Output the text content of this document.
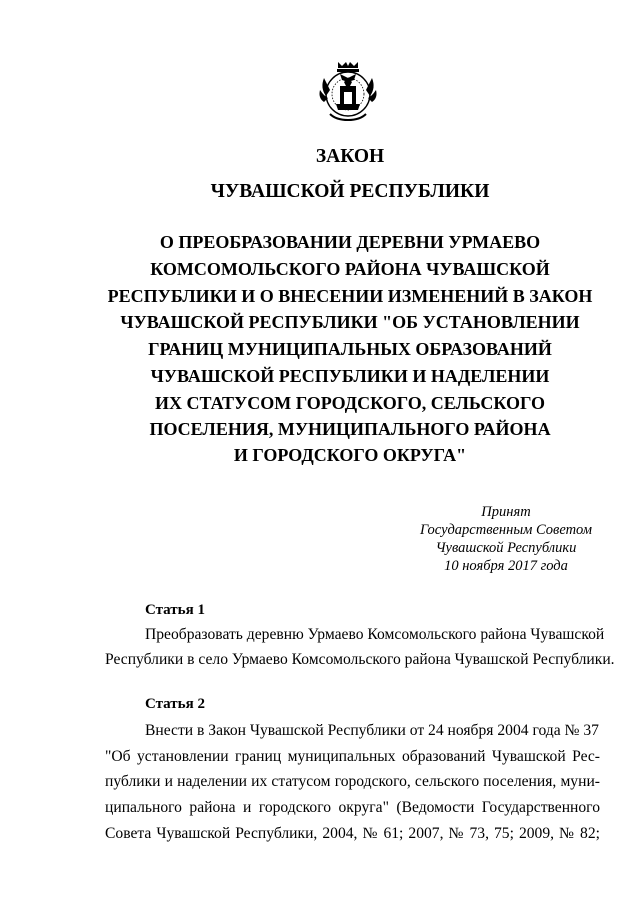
ЗАКОН
ЧУВАШСКОЙ РЕСПУБЛИКИ
О ПРЕОБРАЗОВАНИИ ДЕРЕВНИ УРМАЕВО
КОМСОМОЛЬСКОГО РАЙОНА ЧУВАШСКОЙ
РЕСПУБЛИКИ И О ВНЕСЕНИИ ИЗМЕНЕНИЙ В ЗАКОН
ЧУВАШСКОЙ РЕСПУБЛИКИ "ОБ УСТАНОВЛЕНИИ
ГРАНИЦ МУНИЦИПАЛЬНЫХ ОБРАЗОВАНИЙ
ЧУВАШСКОЙ РЕСПУБЛИКИ И НАДЕЛЕНИИ
ИХ СТАТУСОМ ГОРОДСКОГО, СЕЛЬСКОГО
ПОСЕЛЕНИЯ, МУНИЦИПАЛЬНОГО РАЙОНА
И ГОРОДСКОГО ОКРУГА"
Принят
Государственным Советом
Чувашской Республики
10 ноября 2017 года
Статья 1
Преобразовать деревню Урмаево Комсомольского района Чувашской
Республики в село Урмаево Комсомольского района Чувашской Республики.
Статья 2
Внести в Закон Чувашской Республики от 24 ноября 2004 года № 37
"Об установлении границ муниципальных образований Чувашской Рес-
публики и наделении их статусом городского, сельского поселения, муни-
ципального района и городского округа" (Ведомости Государственного
Совета Чувашской Республики, 2004, № 61; 2007, № 73, 75; 2009, № 82;
